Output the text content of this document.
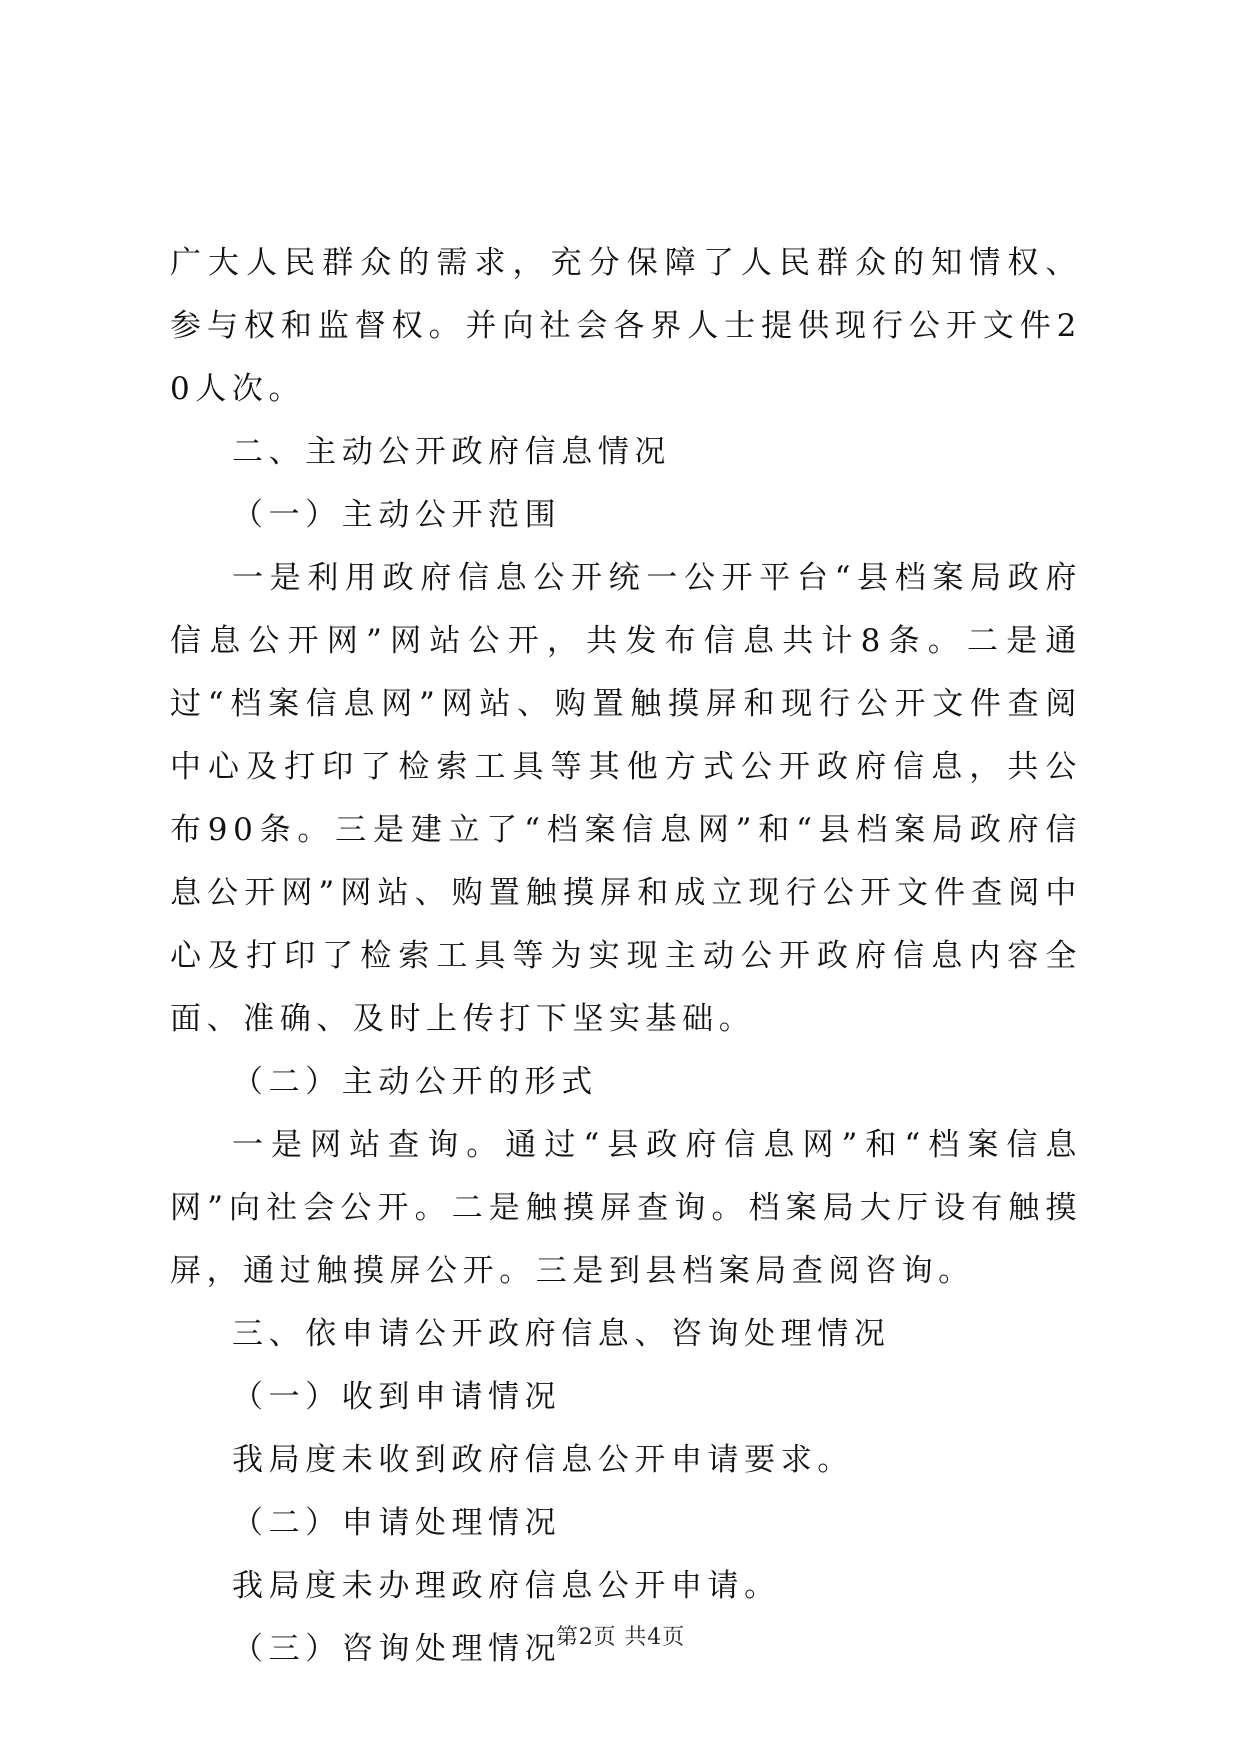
广大人民群众的需求，充分保障了人民群众的知情权、参与权和监督权。并向社会各界人士提供现行公开文件20人次。

二、主动公开政府信息情况

（一）主动公开范围

一是利用政府信息公开统一公开平台“县档案局政府信息公开网”网站公开，共发布信息共计8条。二是通过“档案信息网”网站、购置触摸屏和现行公开文件查阅中心及打印了检索工具等其他方式公开政府信息，共公布90条。三是建立了“档案信息网”和“县档案局政府信息公开网”网站、购置触摸屏和成立现行公开文件查阅中心及打印了检索工具等为实现主动公开政府信息内容全面、准确、及时上传打下坚实基础。

（二）主动公开的形式

一是网站查询。通过“县政府信息网”和“档案信息网”向社会公开。二是触摸屏查询。档案局大厅设有触摸屏，通过触摸屏公开。三是到县档案局查阅咨询。

三、依申请公开政府信息、咨询处理情况

（一）收到申请情况

我局度未收到政府信息公开申请要求。

（二）申请处理情况

我局度未办理政府信息公开申请。

（三）咨询处理情况

第2页 共4页
